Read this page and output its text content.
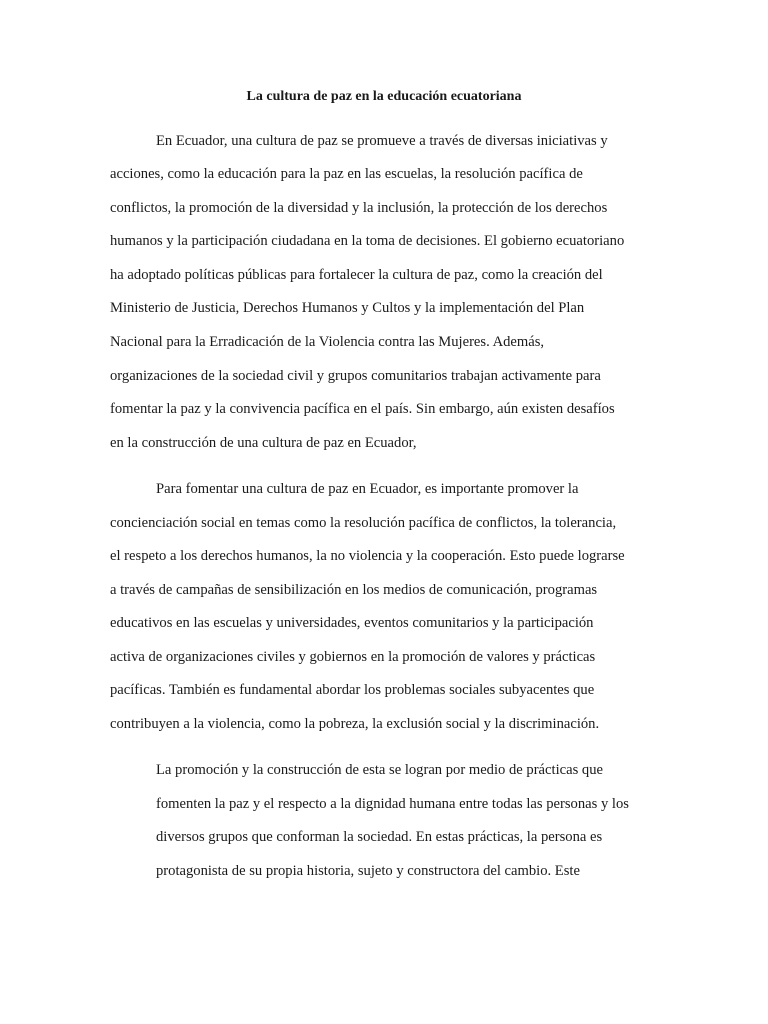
La cultura de paz en la educación ecuatoriana

En Ecuador, una cultura de paz se promueve a través de diversas iniciativas y

acciones, como la educación para la paz en las escuelas, la resolución pacífica de

conflictos, la promoción de la diversidad y la inclusión, la protección de los derechos

humanos y la participación ciudadana en la toma de decisiones. El gobierno ecuatoriano

ha adoptado políticas públicas para fortalecer la cultura de paz, como la creación del

Ministerio de Justicia, Derechos Humanos y Cultos y la implementación del Plan

Nacional para la Erradicación de la Violencia contra las Mujeres. Además,

organizaciones de la sociedad civil y grupos comunitarios trabajan activamente para

fomentar la paz y la convivencia pacífica en el país. Sin embargo, aún existen desafíos

en la construcción de una cultura de paz en Ecuador,

Para fomentar una cultura de paz en Ecuador, es importante promover la

concienciación social en temas como la resolución pacífica de conflictos, la tolerancia,

el respeto a los derechos humanos, la no violencia y la cooperación. Esto puede lograrse

a través de campañas de sensibilización en los medios de comunicación, programas

educativos en las escuelas y universidades, eventos comunitarios y la participación

activa de organizaciones civiles y gobiernos en la promoción de valores y prácticas

pacíficas. También es fundamental abordar los problemas sociales subyacentes que

contribuyen a la violencia, como la pobreza, la exclusión social y la discriminación.

La promoción y la construcción de esta se logran por medio de prácticas que

fomenten la paz y el respecto a la dignidad humana entre todas las personas y los

diversos grupos que conforman la sociedad. En estas prácticas, la persona es

protagonista de su propia historia, sujeto y constructora del cambio. Este
